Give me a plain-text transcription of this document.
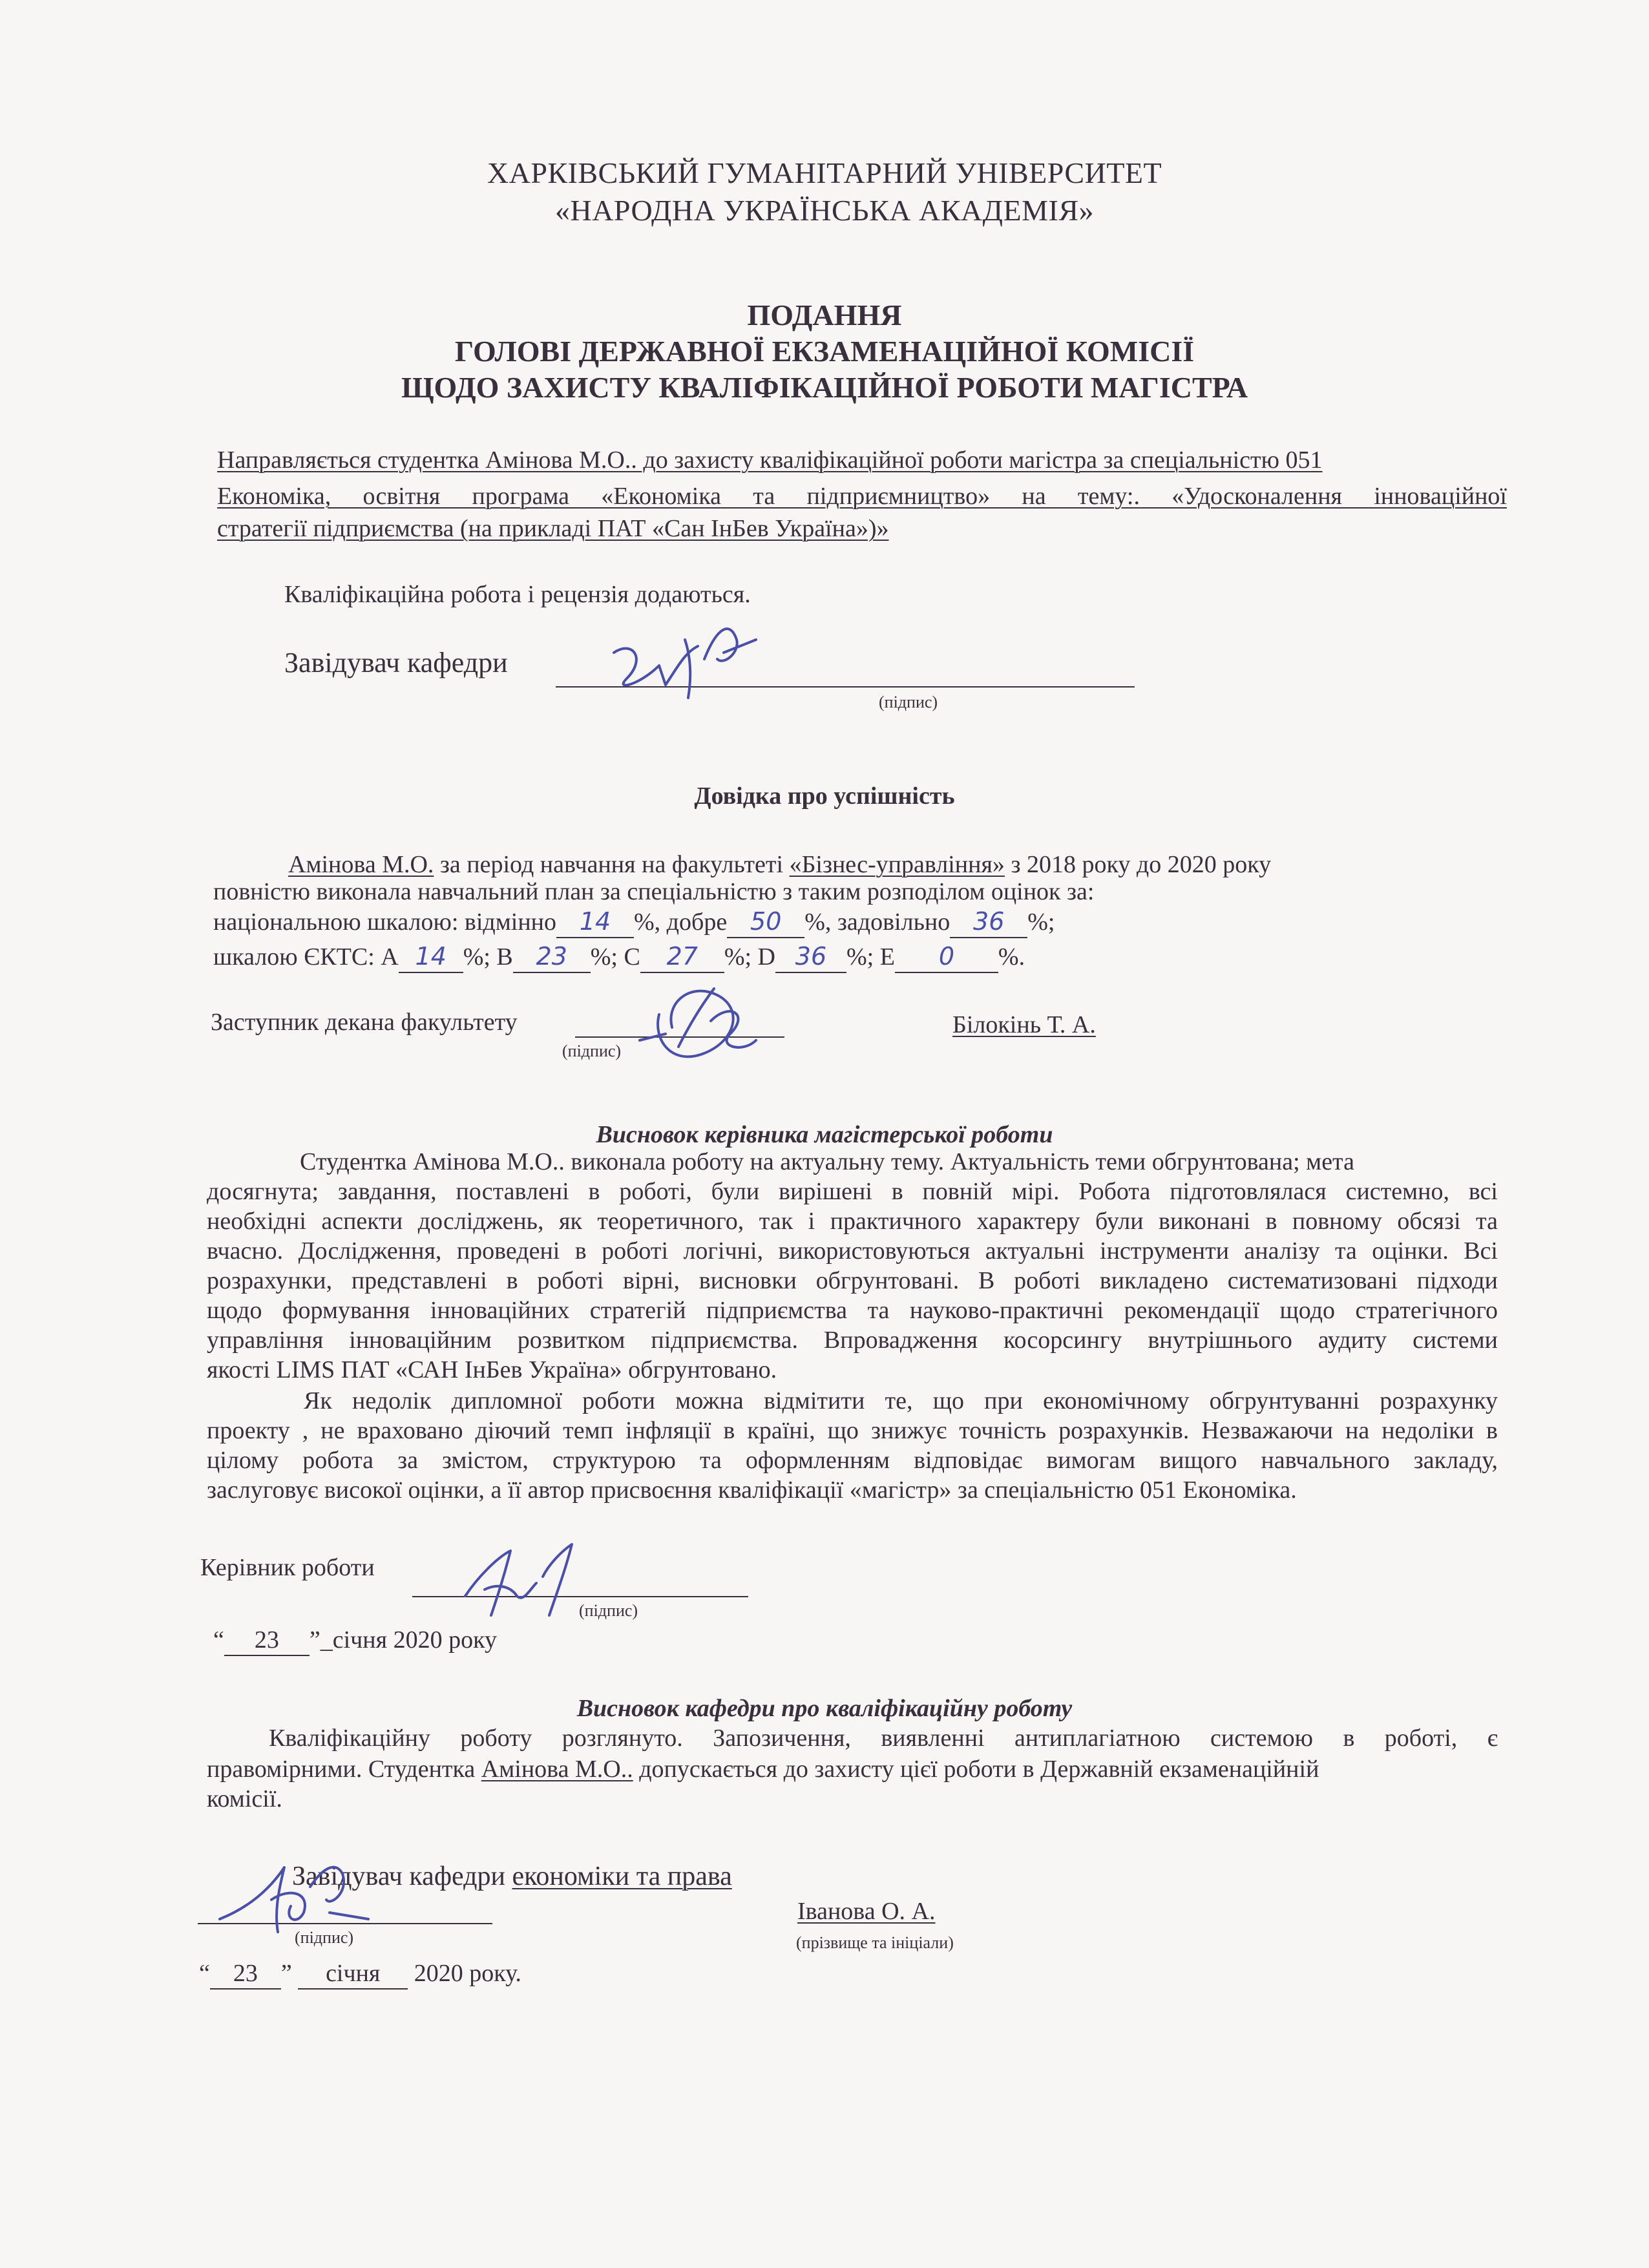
ХАРКІВСЬКИЙ ГУМАНІТАРНИЙ УНІВЕРСИТЕТ
«НАРОДНА УКРАЇНСЬКА АКАДЕМІЯ»
ПОДАННЯ
ГОЛОВІ ДЕРЖАВНОЇ ЕКЗАМЕНАЦІЙНОЇ КОМІСІЇ
ЩОДО ЗАХИСТУ КВАЛІФІКАЦІЙНОЇ РОБОТИ МАГІСТРА
Направляється студентка Амінова М.О.. до захисту кваліфікаційної роботи магістра за спеціальністю 051
Економіка, освітня програма «Економіка та підприємництво» на тему:. «Удосконалення інноваційної
стратегії підприємства (на прикладі ПАТ «Сан ІнБев Україна»)»
Кваліфікаційна робота і рецензія додаються.
Завідувач кафедри
(підпис)
Довідка про успішність
Амінова М.О. за період навчання на факультеті «Бізнес-управління» з 2018 року до 2020 року
повністю виконала навчальний план за спеціальністю з таким розподілом оцінок за:
національною шкалою: відмінно 14 %, добре 50 %, задовільно 36 %;
шкалою ЄКТС: А 14 %; В 23 %; С 27 %; D 36 %; Е 0 %.
Заступник декана факультету
(підпис)
Білокінь Т. А.
Висновок керівника магістерської роботи
Студентка Амінова М.О.. виконала роботу на актуальну тему. Актуальність теми обгрунтована; мета
досягнута; завдання, поставлені в роботі, були вирішені в повній мірі. Робота підготовлялася системно, всі
необхідні аспекти досліджень, як теоретичного, так і практичного характеру були виконані в повному обсязі та
вчасно. Дослідження, проведені в роботі логічні, використовуються актуальні інструменти аналізу та оцінки. Всі
розрахунки, представлені в роботі вірні, висновки обгрунтовані. В роботі викладено систематизовані підходи
щодо формування інноваційних стратегій підприємства та науково-практичні рекомендації щодо стратегічного
управління інноваційним розвитком підприємства. Впровадження косорсингу внутрішнього аудиту системи
якості LIMS ПАТ «САН ІнБев Україна» обгрунтовано.
Як недолік дипломної роботи можна відмітити те, що при економічному обгрунтуванні розрахунку
проекту , не враховано діючий темп інфляції в країні, що знижує точність розрахунків. Незважаючи на недоліки в
цілому робота за змістом, структурою та оформленням відповідає вимогам вищого навчального закладу,
заслуговує високої оцінки, а її автор присвоєння кваліфікації «магістр» за спеціальністю 051 Економіка.
Керівник роботи
(підпис)
“ 23 ”_січня 2020 року
Висновок кафедри про кваліфікаційну роботу
Кваліфікаційну роботу розглянуто. Запозичення, виявленні антиплагіатною системою в роботі, є
правомірними. Студентка Амінова М.О.. допускається до захисту цієї роботи в Державній екзаменаційній
комісії.
Завідувач кафедри економіки та права
(підпис)
Іванова О. А.
(прізвище та ініціали)
“ 23 ” січня 2020 року.
